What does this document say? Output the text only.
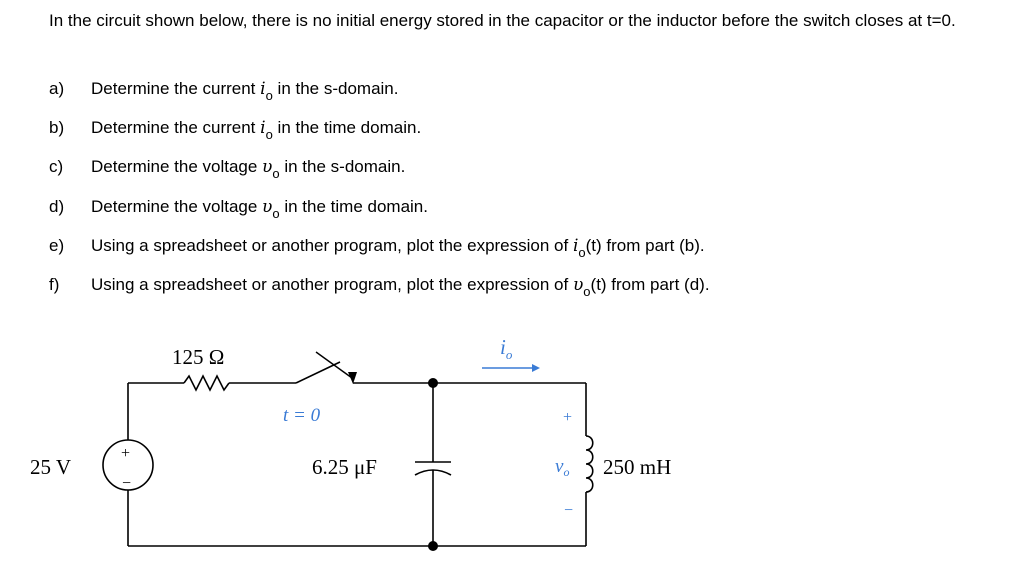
In the circuit shown below, there is no initial energy stored in the capacitor or the inductor before the switch closes at t=0.

a) Determine the current $i_o$ in the s-domain.
b) Determine the current $i_o$ in the time domain.
c) Determine the voltage $\upsilon_o$ in the s-domain.
d) Determine the voltage $\upsilon_o$ in the time domain.
e) Using a spreadsheet or another program, plot the expression of $i_o(t)$ from part (b).
f) Using a spreadsheet or another program, plot the expression of $\upsilon_o(t)$ from part (d).
125 Ω
25 V
+
−
t = 0
6.25 μF
$i_o$
+
$v_o$
−
250 mH
